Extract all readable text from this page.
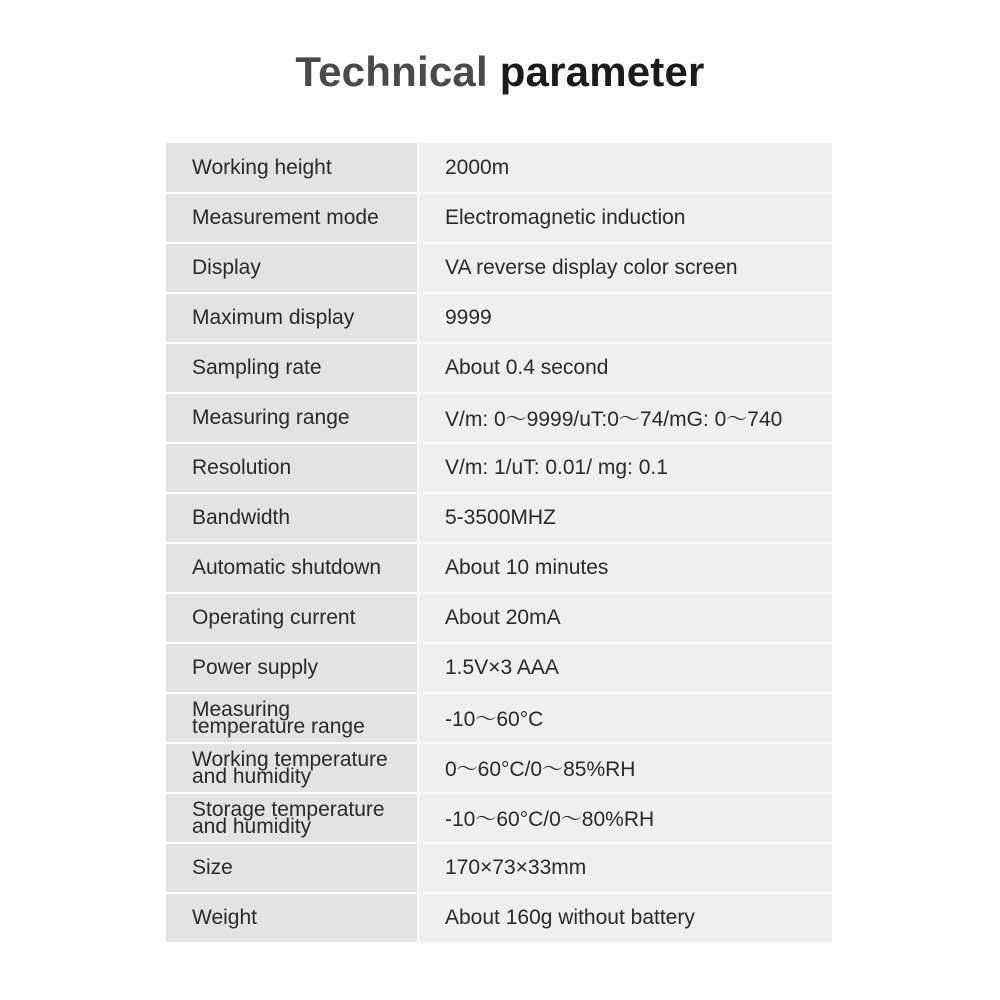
Technical parameter
Working height	2000m
Measurement mode	Electromagnetic induction
Display	VA reverse display color screen
Maximum display	9999
Sampling rate	About 0.4 second
Measuring range	V/m: 0〜9999/uT:0〜74/mG: 0〜740
Resolution	V/m: 1/uT: 0.01/ mg: 0.1
Bandwidth	5-3500MHZ
Automatic shutdown	About 10 minutes
Operating current	About 20mA
Power supply	1.5V×3 AAA
Measuring
temperature range	-10〜60°C
Working temperature
and humidity	0〜60°C/0〜85%RH
Storage temperature
and humidity	-10〜60°C/0〜80%RH
Size	170×73×33mm
Weight	About 160g without battery
